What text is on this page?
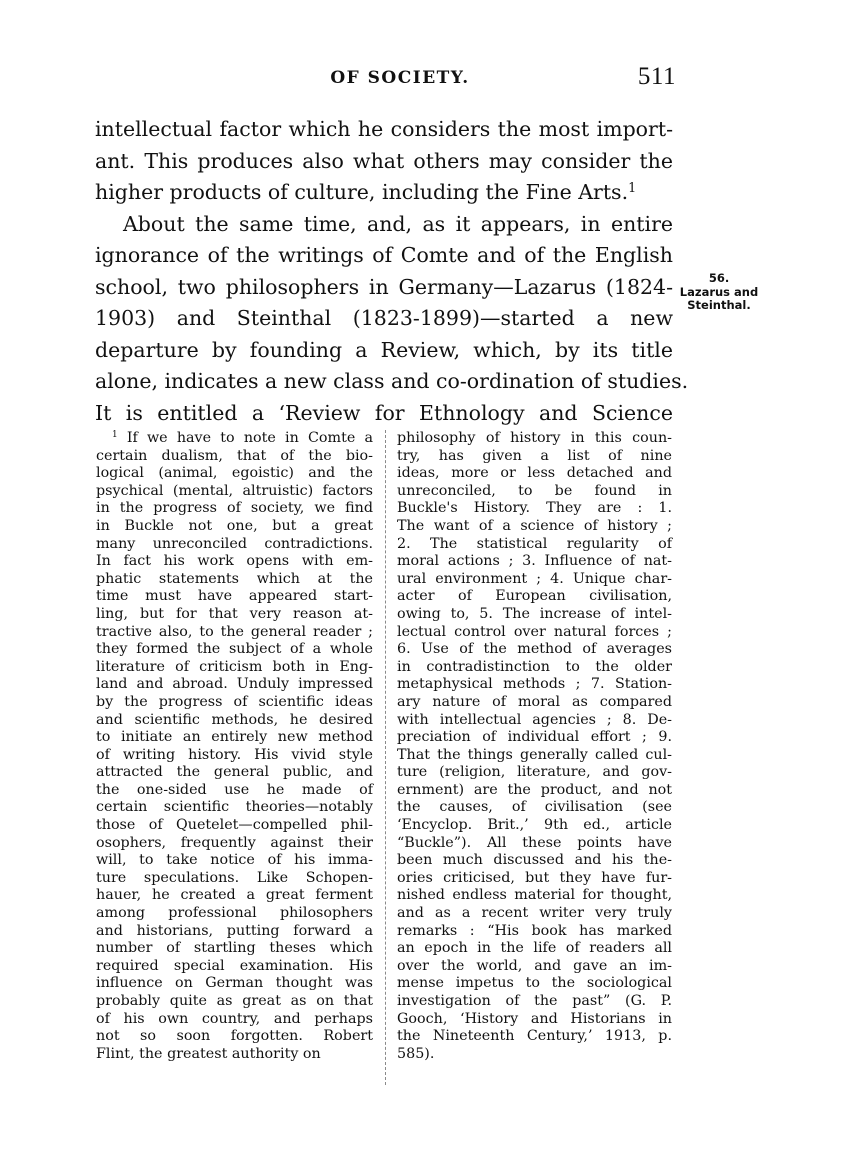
OF SOCIETY.	511
intellectual factor which he considers the most import-
ant. This produces also what others may consider the
higher products of culture, including the Fine Arts.$^1$
About the same time, and, as it appears, in entire
ignorance of the writings of Comte and of the English
school, two philosophers in Germany—Lazarus (1824-
1903) and Steinthal (1823-1899)—started a new
departure by founding a Review, which, by its title
alone, indicates a new class and co-ordination of studies.
It is entitled a ‘Review for Ethnology and Science
56.
Lazarus and
Steinthal.
$^1$ If we have to note in Comte a
certain dualism, that of the bio-
logical (animal, egoistic) and the
psychical (mental, altruistic) factors
in the progress of society, we find
in Buckle not one, but a great
many unreconciled contradictions.
In fact his work opens with em-
phatic statements which at the
time must have appeared start-
ling, but for that very reason at-
tractive also, to the general reader ;
they formed the subject of a whole
literature of criticism both in Eng-
land and abroad. Unduly impressed
by the progress of scientific ideas
and scientific methods, he desired
to initiate an entirely new method
of writing history. His vivid style
attracted the general public, and
the one-sided use he made of
certain scientific theories—notably
those of Quetelet—compelled phil-
osophers, frequently against their
will, to take notice of his imma-
ture speculations. Like Schopen-
hauer, he created a great ferment
among professional philosophers
and historians, putting forward a
number of startling theses which
required special examination. His
influence on German thought was
probably quite as great as on that
of his own country, and perhaps
not so soon forgotten. Robert
Flint, the greatest authority on
philosophy of history in this coun-
try, has given a list of nine
ideas, more or less detached and
unreconciled, to be found in
Buckle's History. They are : 1.
The want of a science of history ;
2. The statistical regularity of
moral actions ; 3. Influence of nat-
ural environment ; 4. Unique char-
acter of European civilisation,
owing to, 5. The increase of intel-
lectual control over natural forces ;
6. Use of the method of averages
in contradistinction to the older
metaphysical methods ; 7. Station-
ary nature of moral as compared
with intellectual agencies ; 8. De-
preciation of individual effort ; 9.
That the things generally called cul-
ture (religion, literature, and gov-
ernment) are the product, and not
the causes, of civilisation (see
‘Encyclop. Brit.,’ 9th ed., article
“Buckle”). All these points have
been much discussed and his the-
ories criticised, but they have fur-
nished endless material for thought,
and as a recent writer very truly
remarks : “His book has marked
an epoch in the life of readers all
over the world, and gave an im-
mense impetus to the sociological
investigation of the past” (G. P.
Gooch, ‘History and Historians in
the Nineteenth Century,’ 1913, p.
585).
